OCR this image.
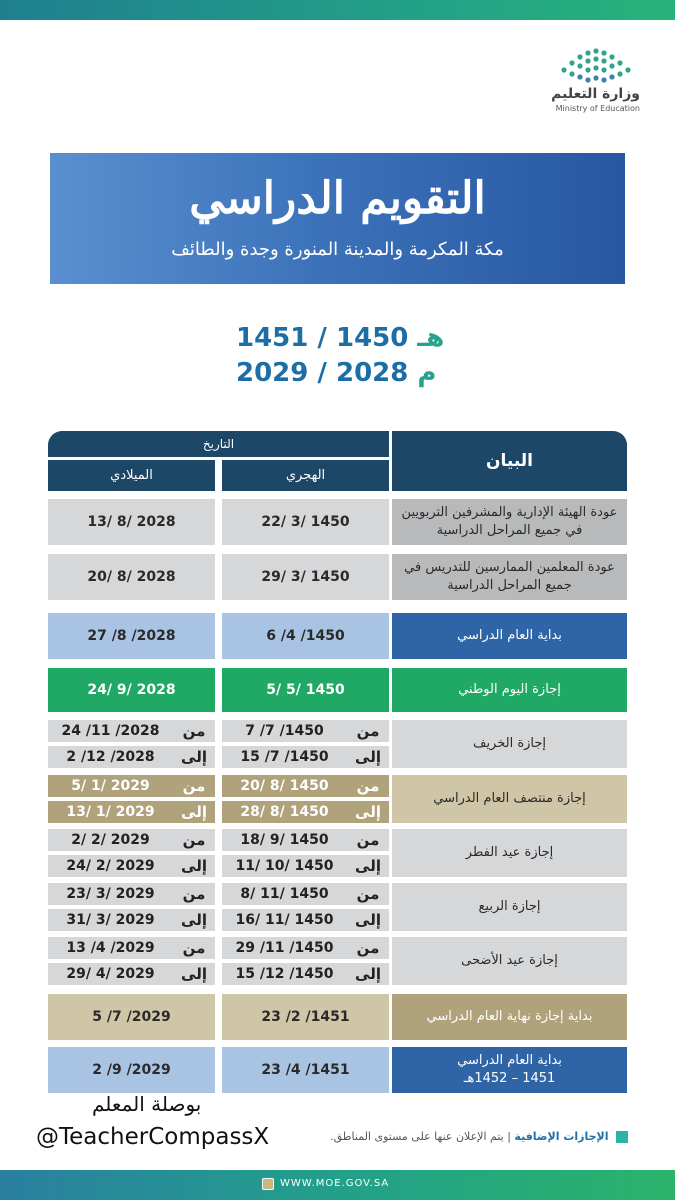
وزارة التعليم
Ministry of Education
التقويم الدراسي
مكة المكرمة والمدينة المنورة وجدة والطائف
هـ 1450 / 1451
م 2028 / 2029
البيان
التاريخ
الهجري
الميلادي
عودة الهيئة الإدارية والمشرفين التربويين في جميع المراحل الدراسية
22/ 3/ 1450
13/ 8/ 2028
عودة المعلمين الممارسين للتدريس في جميع المراحل الدراسية
29/ 3/ 1450
20/ 8/ 2028
بداية العام الدراسي
6 /4 /1450
27 /8 /2028
إجازة اليوم الوطني
5/ 5/ 1450
24/ 9/ 2028
إجازة الخريف
7 /7 /1450	من
15 /7 /1450	إلى
24 /11 /2028	من
2 /12 /2028	إلى
إجازة منتصف العام الدراسي
20/ 8/ 1450	من
28/ 8/ 1450	إلى
5/ 1/ 2029	من
13/ 1/ 2029	إلى
إجازة عيد الفطر
18/ 9/ 1450	من
11/ 10/ 1450	إلى
2/ 2/ 2029	من
24/ 2/ 2029	إلى
إجازة الربيع
8/ 11/ 1450	من
16/ 11/ 1450	إلى
23/ 3/ 2029	من
31/ 3/ 2029	إلى
إجازة عيد الأضحى
29 /11 /1450	من
15 /12 /1450	إلى
13 /4 /2029	من
29/ 4/ 2029	إلى
بداية إجازة نهاية العام الدراسي
23 /2 /1451
5 /7 /2029
بداية العام الدراسي
1451 – 1452هـ
23 /4 /1451
2 /9 /2029
بوصلة المعلم
@TeacherCompassX	الإجازات الإضافية | يتم الإعلان عنها على مستوى المناطق.
WWW.MOE.GOV.SA
